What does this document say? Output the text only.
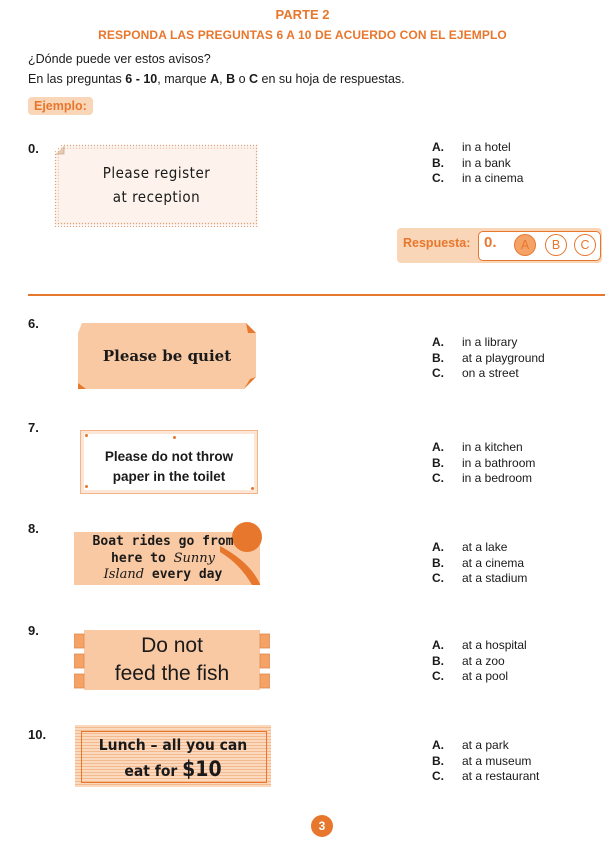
PARTE 2
RESPONDA LAS PREGUNTAS 6 A 10 DE ACUERDO CON EL EJEMPLO
¿Dónde puede ver estos avisos?
En las preguntas 6 - 10, marque A, B o C en su hoja de respuestas.
Ejemplo:
0.
Please register
at reception
A.	in a hotel
B.	in a bank
C.	in a cinema
Respuesta: 0.	A	B	C
6.
Please be quiet
A.	in a library
B.	at a playground
C.	on a street
7.
Please do not throw
paper in the toilet
A.	in a kitchen
B.	in a bathroom
C.	in a bedroom
8.
Boat rides go from
here to Sunny
Island every day
A.	at a lake
B.	at a cinema
C.	at a stadium
9.
Do not
feed the fish
A.	at a hospital
B.	at a zoo
C.	at a pool
10.
Lunch – all you can
eat for $10
A.	at a park
B.	at a museum
C.	at a restaurant
3
